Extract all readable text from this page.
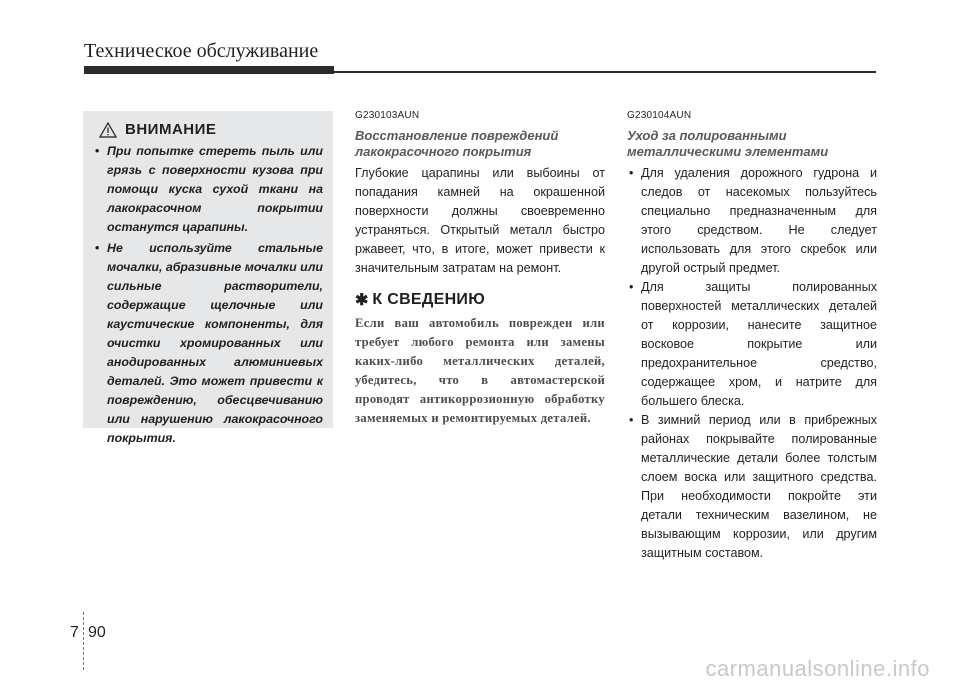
Техническое обслуживание
ВНИМАНИЕ
• При попытке стереть пыль или грязь с поверхности кузова при помощи куска сухой ткани на лакокрасочном покрытии останутся царапины.
• Не используйте стальные мочалки, абразивные мочалки или сильные растворители, содержащие щелочные или каустические компоненты, для очистки хромированных или анодированных алюминиевых деталей. Это может привести к повреждению, обесцвечиванию или нарушению лакокрасочного покрытия.
G230103AUN
Восстановление повреждений лакокрасочного покрытия

Глубокие царапины или выбоины от попадания камней на окрашенной поверхности должны своевременно устраняться. Открытый металл быстро ржавеет, что, в итоге, может привести к значительным затратам на ремонт.

✱ К СВЕДЕНИЮ
Если ваш автомобиль поврежден или требует любого ремонта или замены каких-либо металлических деталей, убедитесь, что в автомастерской проводят антикоррозионную обработку заменяемых и ремонтируемых деталей.
G230104AUN
Уход за полированными металлическими элементами
• Для удаления дорожного гудрона и следов от насекомых пользуйтесь специально предназначенным для этого средством. Не следует использовать для этого скребок или другой острый предмет.
• Для защиты полированных поверхностей металлических деталей от коррозии, нанесите защитное восковое покрытие или предохранительное средство, содержащее хром, и натрите для большего блеска.
• В зимний период или в прибрежных районах покрывайте полированные металлические детали более толстым слоем воска или защитного средства. При необходимости покройте эти детали техническим вазелином, не вызывающим коррозии, или другим защитным составом.
7 90
carmanualsonline.info
